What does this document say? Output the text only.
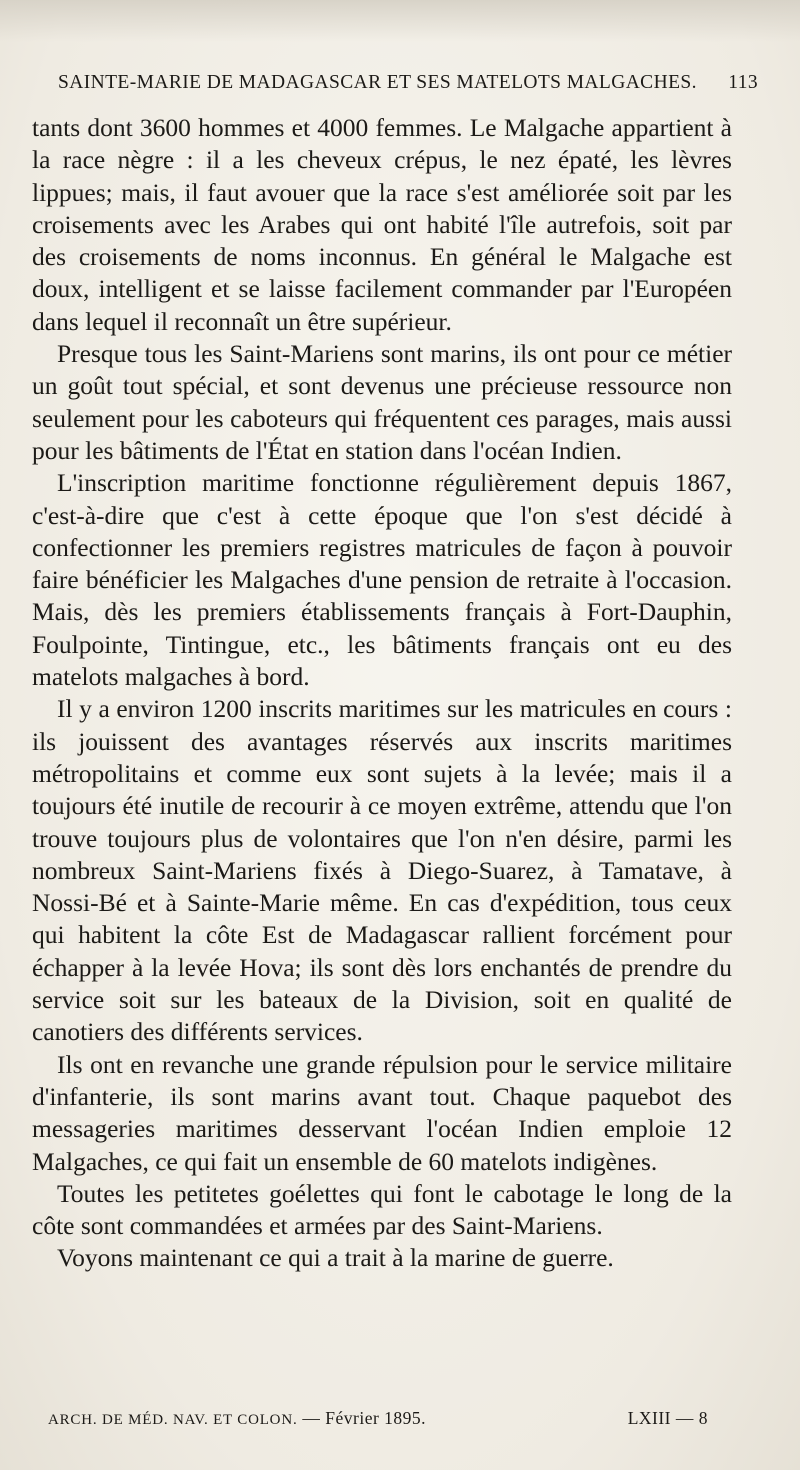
SAINTE-MARIE DE MADAGASCAR ET SES MATELOTS MALGACHES. 113

tants dont 3600 hommes et 4000 femmes. Le Malgache appartient à la race nègre : il a les cheveux crépus, le nez épaté, les lèvres lippues; mais, il faut avouer que la race s'est améliorée soit par les croisements avec les Arabes qui ont habité l'île autrefois, soit par des croisements de noms inconnus. En général le Malgache est doux, intelligent et se laisse facilement commander par l'Européen dans lequel il reconnaît un être supérieur.

Presque tous les Saint-Mariens sont marins, ils ont pour ce métier un goût tout spécial, et sont devenus une précieuse ressource non seulement pour les caboteurs qui fréquentent ces parages, mais aussi pour les bâtiments de l'État en station dans l'océan Indien.

L'inscription maritime fonctionne régulièrement depuis 1867, c'est-à-dire que c'est à cette époque que l'on s'est décidé à confectionner les premiers registres matricules de façon à pouvoir faire bénéficier les Malgaches d'une pension de retraite à l'occasion. Mais, dès les premiers établissements français à Fort-Dauphin, Foulpointe, Tintingue, etc., les bâtiments français ont eu des matelots malgaches à bord.

Il y a environ 1200 inscrits maritimes sur les matricules en cours : ils jouissent des avantages réservés aux inscrits maritimes métropolitains et comme eux sont sujets à la levée; mais il a toujours été inutile de recourir à ce moyen extrême, attendu que l'on trouve toujours plus de volontaires que l'on n'en désire, parmi les nombreux Saint-Mariens fixés à Diego-Suarez, à Tamatave, à Nossi-Bé et à Sainte-Marie même. En cas d'expédition, tous ceux qui habitent la côte Est de Madagascar rallient forcément pour échapper à la levée Hova; ils sont dès lors enchantés de prendre du service soit sur les bateaux de la Division, soit en qualité de canotiers des différents services.

Ils ont en revanche une grande répulsion pour le service militaire d'infanterie, ils sont marins avant tout. Chaque paquebot des messageries maritimes desservant l'océan Indien emploie 12 Malgaches, ce qui fait un ensemble de 60 matelots indigènes.

Toutes les petitetes goélettes qui font le cabotage le long de la côte sont commandées et armées par des Saint-Mariens.

Voyons maintenant ce qui a trait à la marine de guerre.

ARCH. DE MÉD. NAV. ET COLON. — Février 1895.	LXIII — 8
